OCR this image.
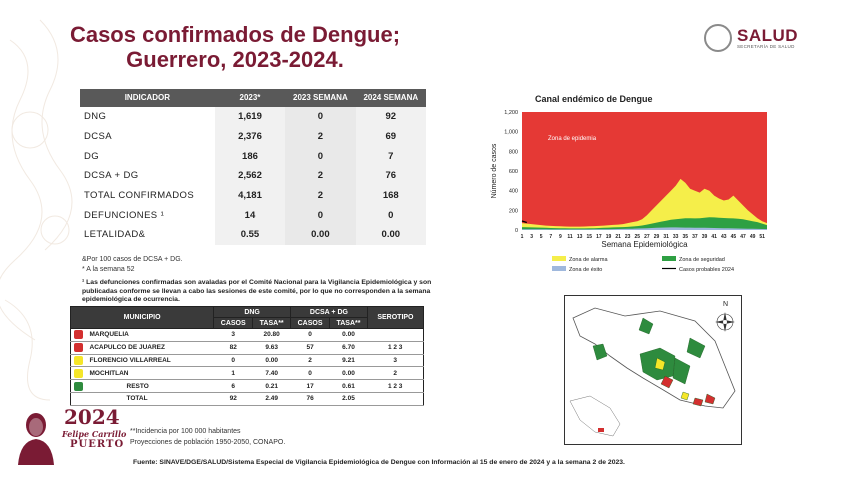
Casos confirmados de Dengue;
Guerrero, 2023-2024.
SALUD
SECRETARÍA DE SALUD
INDICADOR	2023*	2023 SEMANA	2024 SEMANA
DNG	1,619	0	92
DCSA	2,376	2	69
DG	186	0	7
DCSA + DG	2,562	2	76
TOTAL CONFIRMADOS	4,181	2	168
DEFUNCIONES ¹	14	0	0
LETALIDAD&	0.55	0.00	0.00
&Por 100 casos de DCSA + DG.
* A la semana 52
¹ Las defunciones confirmadas son avaladas por el Comité Nacional para la Vigilancia Epidemiológica y son publicadas conforme se llevan a cabo las sesiones de este comité, por lo que no corresponden a la semana epidemiológica de ocurrencia.
MUNICIPIO		DNG		DCSA + DG		SEROTIPO
		CASOS	TASA**	CASOS	TASA**	
	MARQUELIA	3	20.80	0	0.00	
	ACAPULCO DE JUAREZ	82	9.63	57	6.70	1 2 3
	FLORENCIO VILLARREAL	0	0.00	2	9.21	3
	MOCHITLAN	1	7.40	0	0.00	2
	RESTO	6	0.21	17	0.61	1 2 3
	TOTAL	92	2.49	76	2.05	
**Incidencia por 100 000 habitantes
Proyecciones de población 1950-2050, CONAPO.
Fuente: SINAVE/DGE/SALUD/Sistema Especial de Vigilancia Epidemiológica de Dengue con Información al 15 de enero de 2024 y a la semana 2 de 2023.
2024
Felipe Carrillo
PUERTO
Canal endémico de Dengue
Zona de epidemia
0
200
400
600
800
1,000
1,200
1 3 5 7 9 11 13 15 17 19 21 23 25 27 29 31 33 35 37 39 41 43 45 47 49 51
Semana Epidemiológica
Número de casos
Zona de alarma	Zona de seguridad
Zona de éxito	Casos probables 2024
N
